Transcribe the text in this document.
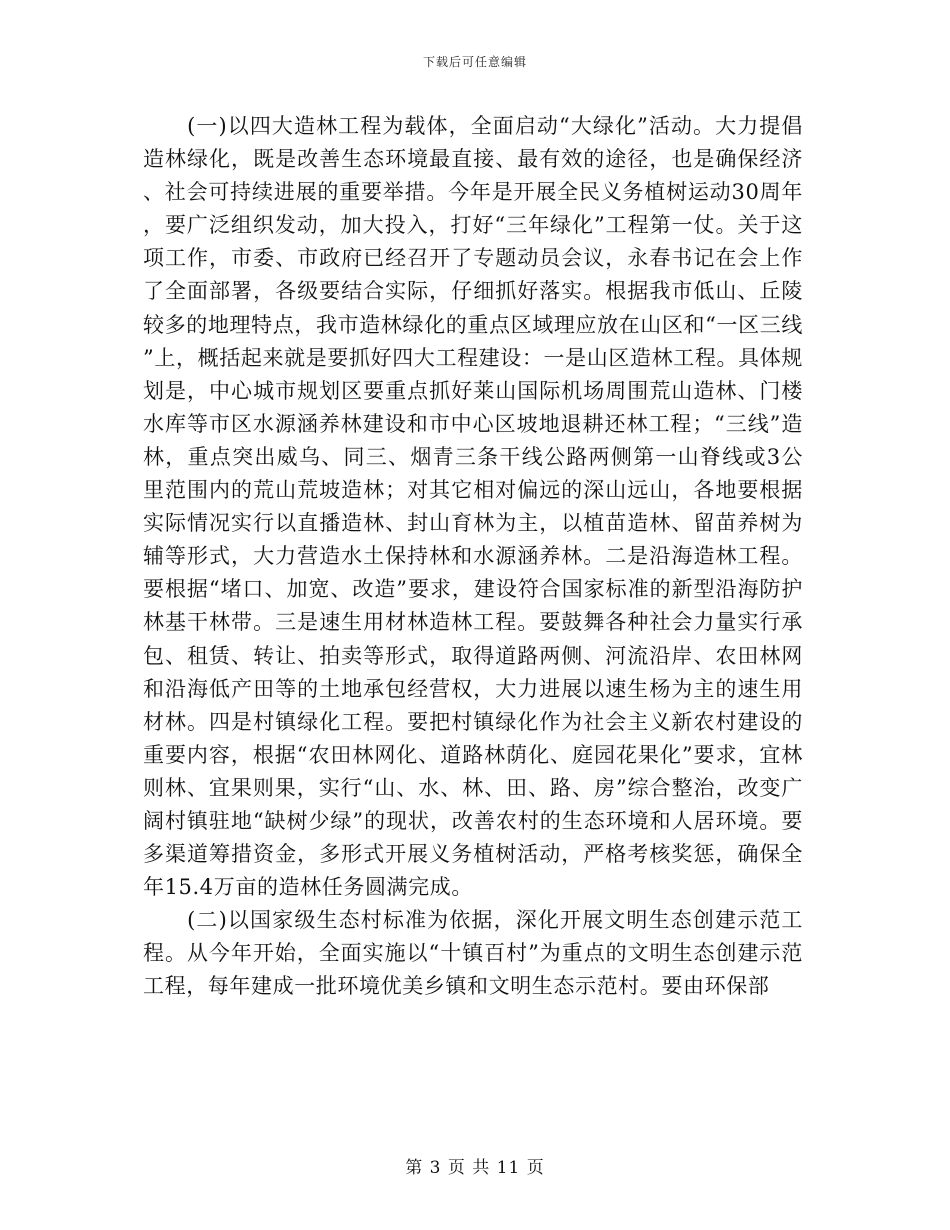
下载后可任意编辑

(一)以四大造林工程为载体，全面启动“大绿化”活动。大力提倡造林绿化，既是改善生态环境最直接、最有效的途径，也是确保经济、社会可持续进展的重要举措。今年是开展全民义务植树运动30周年，要广泛组织发动，加大投入，打好“三年绿化”工程第一仗。关于这项工作，市委、市政府已经召开了专题动员会议，永春书记在会上作了全面部署，各级要结合实际，仔细抓好落实。根据我市低山、丘陵较多的地理特点，我市造林绿化的重点区域理应放在山区和“一区三线”上，概括起来就是要抓好四大工程建设：一是山区造林工程。具体规划是，中心城市规划区要重点抓好莱山国际机场周围荒山造林、门楼水库等市区水源涵养林建设和市中心区坡地退耕还林工程；“三线”造林，重点突出威乌、同三、烟青三条干线公路两侧第一山脊线或3公里范围内的荒山荒坡造林；对其它相对偏远的深山远山，各地要根据实际情况实行以直播造林、封山育林为主，以植苗造林、留苗养树为辅等形式，大力营造水土保持林和水源涵养林。二是沿海造林工程。要根据“堵口、加宽、改造”要求，建设符合国家标准的新型沿海防护林基干林带。三是速生用材林造林工程。要鼓舞各种社会力量实行承包、租赁、转让、拍卖等形式，取得道路两侧、河流沿岸、农田林网和沿海低产田等的土地承包经营权，大力进展以速生杨为主的速生用材林。四是村镇绿化工程。要把村镇绿化作为社会主义新农村建设的重要内容，根据“农田林网化、道路林荫化、庭园花果化”要求，宜林则林、宜果则果，实行“山、水、林、田、路、房”综合整治，改变广阔村镇驻地“缺树少绿”的现状，改善农村的生态环境和人居环境。要多渠道筹措资金，多形式开展义务植树活动，严格考核奖惩，确保全年15.4万亩的造林任务圆满完成。

(二)以国家级生态村标准为依据，深化开展文明生态创建示范工程。从今年开始，全面实施以“十镇百村”为重点的文明生态创建示范工程，每年建成一批环境优美乡镇和文明生态示范村。要由环保部

第 3 页 共 11 页
